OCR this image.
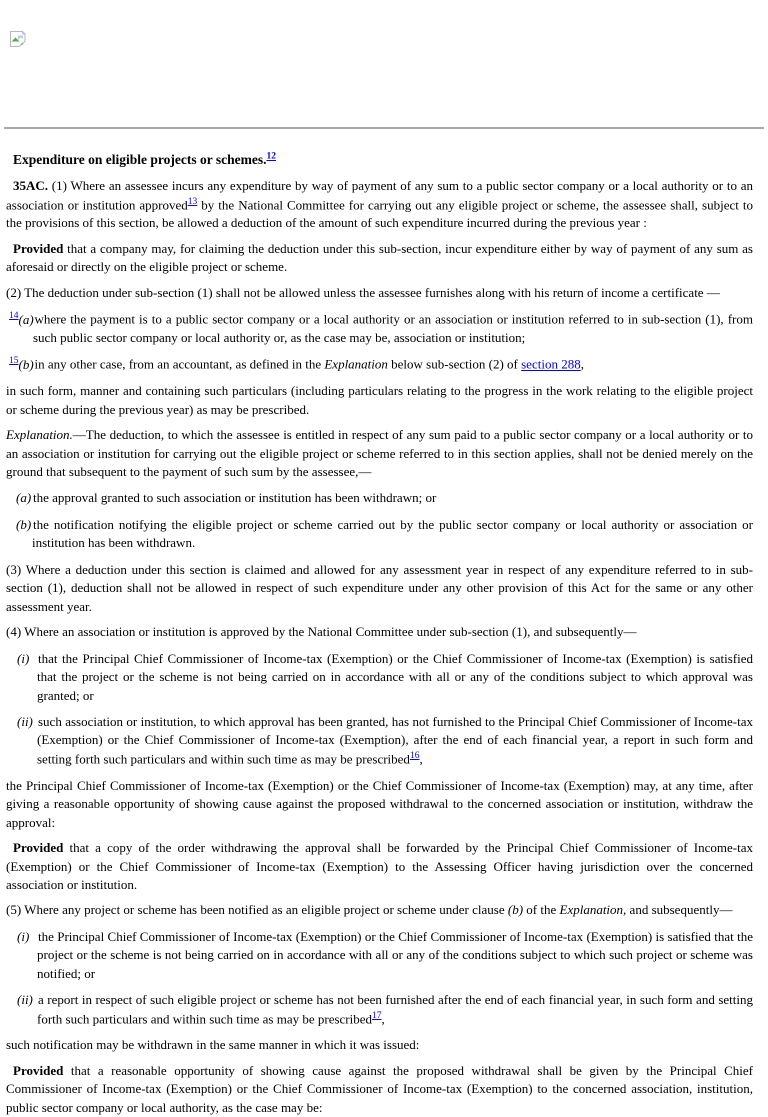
Expenditure on eligible projects or schemes.$^{12}$

35AC. (1) Where an assessee incurs any expenditure by way of payment of any sum to a public sector company or a local authority or to an association or institution approved$^{13}$ by the National Committee for carrying out any eligible project or scheme, the assessee shall, subject to the provisions of this section, be allowed a deduction of the amount of such expenditure incurred during the previous year :

Provided that a company may, for claiming the deduction under this sub-section, incur expenditure either by way of payment of any sum as aforesaid or directly on the eligible project or scheme.

(2) The deduction under sub-section (1) shall not be allowed unless the assessee furnishes along with his return of income a certificate —

$^{14}$(a)where the payment is to a public sector company or a local authority or an association or institution referred to in sub-section (1), from such public sector company or local authority or, as the case may be, association or institution;

$^{15}$(b)in any other case, from an accountant, as defined in the Explanation below sub-section (2) of section 288,

in such form, manner and containing such particulars (including particulars relating to the progress in the work relating to the eligible project or scheme during the previous year) as may be prescribed.

Explanation.—The deduction, to which the assessee is entitled in respect of any sum paid to a public sector company or a local authority or to an association or institution for carrying out the eligible project or scheme referred to in this section applies, shall not be denied merely on the ground that subsequent to the payment of such sum by the assessee,—

(a) the approval granted to such association or institution has been withdrawn; or

(b) the notification notifying the eligible project or scheme carried out by the public sector company or local authority or association or institution has been withdrawn.

(3) Where a deduction under this section is claimed and allowed for any assessment year in respect of any expenditure referred to in sub-section (1), deduction shall not be allowed in respect of such expenditure under any other provision of this Act for the same or any other assessment year.

(4) Where an association or institution is approved by the National Committee under sub-section (1), and subsequently—

(i) that the Principal Chief Commissioner of Income-tax (Exemption) or the Chief Commissioner of Income-tax (Exemption) is satisfied that the project or the scheme is not being carried on in accordance with all or any of the conditions subject to which approval was granted; or

(ii) such association or institution, to which approval has been granted, has not furnished to the Principal Chief Commissioner of Income-tax (Exemption) or the Chief Commissioner of Income-tax (Exemption), after the end of each financial year, a report in such form and setting forth such particulars and within such time as may be prescribed$^{16}$,

the Principal Chief Commissioner of Income-tax (Exemption) or the Chief Commissioner of Income-tax (Exemption) may, at any time, after giving a reasonable opportunity of showing cause against the proposed withdrawal to the concerned association or institution, withdraw the approval:

Provided that a copy of the order withdrawing the approval shall be forwarded by the Principal Chief Commissioner of Income-tax (Exemption) or the Chief Commissioner of Income-tax (Exemption) to the Assessing Officer having jurisdiction over the concerned association or institution.

(5) Where any project or scheme has been notified as an eligible project or scheme under clause (b) of the Explanation, and subsequently—

(i) the Principal Chief Commissioner of Income-tax (Exemption) or the Chief Commissioner of Income-tax (Exemption) is satisfied that the project or the scheme is not being carried on in accordance with all or any of the conditions subject to which such project or scheme was notified; or

(ii) a report in respect of such eligible project or scheme has not been furnished after the end of each financial year, in such form and setting forth such particulars and within such time as may be prescribed$^{17}$,

such notification may be withdrawn in the same manner in which it was issued:

Provided that a reasonable opportunity of showing cause against the proposed withdrawal shall be given by the Principal Chief Commissioner of Income-tax (Exemption) or the Chief Commissioner of Income-tax (Exemption) to the concerned association, institution, public sector company or local authority, as the case may be:
